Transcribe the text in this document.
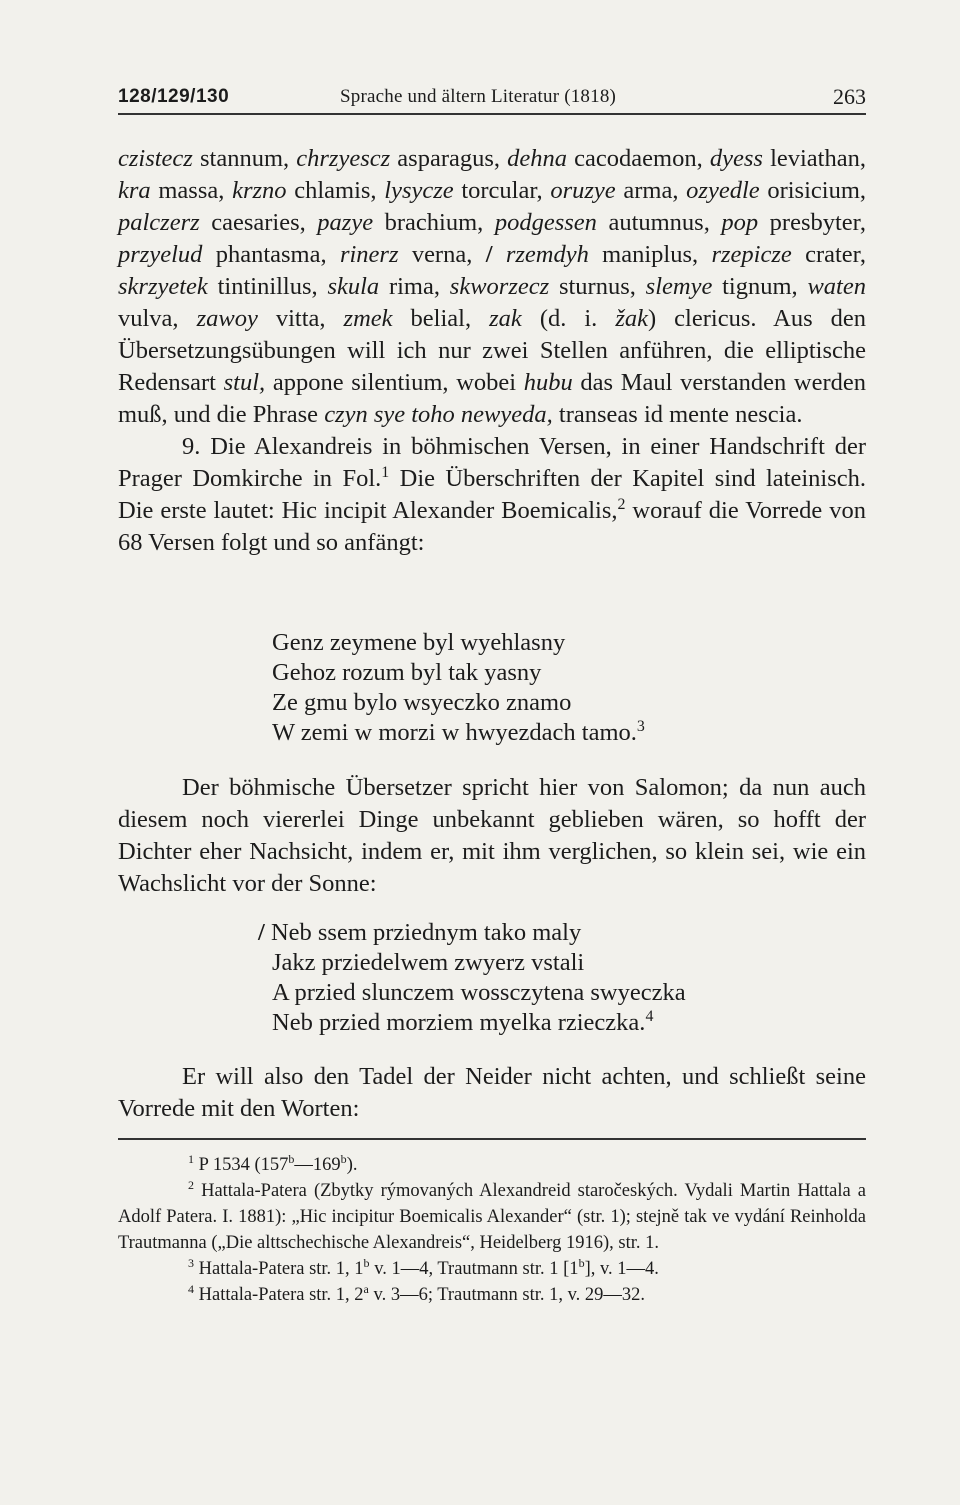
128/129/130	Sprache und ältern Literatur (1818)	263

czistecz stannum, chrzyescz asparagus, dehna cacodaemon, dyess leviathan, kra massa, krzno chlamis, lysycze torcular, oruzye arma, ozyedle orisicium, palczerz caesaries, pazye brachium, podgessen autumnus, pop presbyter, przyelud phantasma, rinerz verna, / rzemdyh maniplus, rzepicze crater, skrzyetek tintinillus, skula rima, skworzecz sturnus, slemye tignum, waten vulva, zawoy vitta, zmek belial, zak (d. i. žak) clericus. Aus den Übersetzungsübungen will ich nur zwei Stellen anführen, die elliptische Redensart stul, appone silentium, wobei hubu das Maul verstanden werden muß, und die Phrase czyn sye toho newyeda, transeas id mente nescia.

9. Die Alexandreis in böhmischen Versen, in einer Handschrift der Prager Domkirche in Fol.$^1$ Die Überschriften der Kapitel sind lateinisch. Die erste lautet: Hic incipit Alexander Boemicalis,$^2$ worauf die Vorrede von 68 Versen folgt und so anfängt:

Genz zeymene byl wyehlasny
Gehoz rozum byl tak yasny
Ze gmu bylo wsyeczko znamo
W zemi w morzi w hwyezdach tamo.$^3$

Der böhmische Übersetzer spricht hier von Salomon; da nun auch diesem noch viererlei Dinge unbekannt geblieben wären, so hofft der Dichter eher Nachsicht, indem er, mit ihm verglichen, so klein sei, wie ein Wachslicht vor der Sonne:

/ Neb ssem prziednym tako maly
Jakz prziedelwem zwyerz vstali
A przied slunczem wossczytena swyeczka
Neb przied morziem myelka rzieczka.$^4$

Er will also den Tadel der Neider nicht achten, und schließt seine Vorrede mit den Worten:

$^1$ P 1534 (157$^b$—169$^b$).

$^2$ Hattala-Patera (Zbytky rýmovaných Alexandreid staročeských. Vydali Martin Hattala a Adolf Patera. I. 1881): „Hic incipitur Boemicalis Alexander“ (str. 1); stejně tak ve vydání Reinholda Trautmanna („Die alttschechische Alexandreis“, Heidelberg 1916), str. 1.

$^3$ Hattala-Patera str. 1, 1$^b$ v. 1—4, Trautmann str. 1 [1$^b$], v. 1—4.

$^4$ Hattala-Patera str. 1, 2$^a$ v. 3—6; Trautmann str. 1, v. 29—32.
